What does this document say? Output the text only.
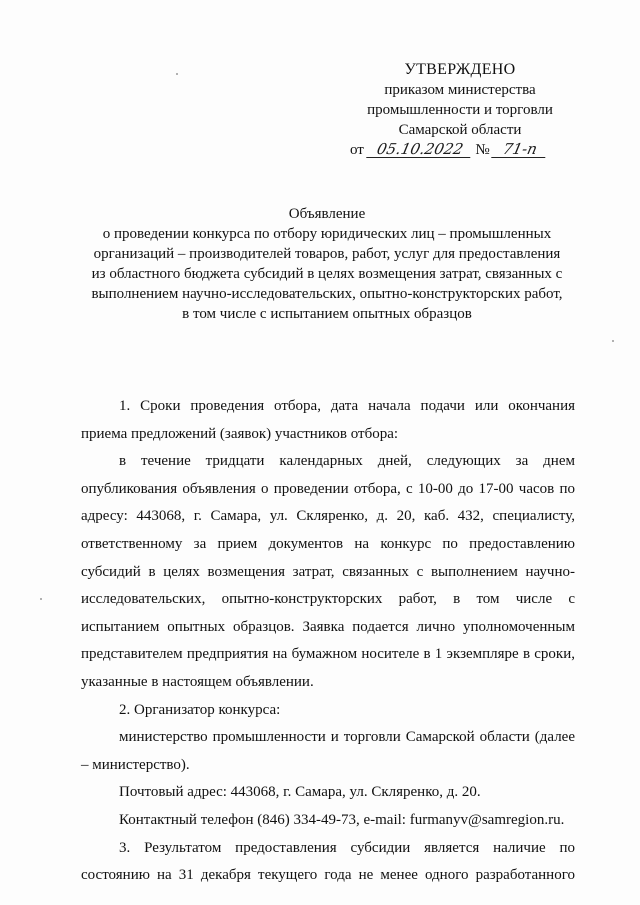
УТВЕРЖДЕНО
приказом министерства
промышленности и торговли
Самарской области
от 05.10.2022 № 71-п
Объявление
о проведении конкурса по отбору юридических лиц – промышленных
организаций – производителей товаров, работ, услуг для предоставления
из областного бюджета субсидий в целях возмещения затрат, связанных с
выполнением научно-исследовательских, опытно-конструкторских работ,
в том числе с испытанием опытных образцов

1. Сроки проведения отбора, дата начала подачи или окончания приема предложений (заявок) участников отбора:

в течение тридцати календарных дней, следующих за днем опубликования объявления о проведении отбора, с 10-00 до 17-00 часов по адресу: 443068, г. Самара, ул. Скляренко, д. 20, каб. 432, специалисту, ответственному за прием документов на конкурс по предоставлению субсидий в целях возмещения затрат, связанных с выполнением научно-исследовательских, опытно-конструкторских работ, в том числе с испытанием опытных образцов. Заявка подается лично уполномоченным представителем предприятия на бумажном носителе в 1 экземпляре в сроки, указанные в настоящем объявлении.

2. Организатор конкурса:

министерство промышленности и торговли Самарской области (далее – министерство).

Почтовый адрес: 443068, г. Самара, ул. Скляренко, д. 20.

Контактный телефон (846) 334-49-73, e-mail: furmanyv@samregion.ru.

3. Результатом предоставления субсидии является наличие по состоянию на 31 декабря текущего года не менее одного разработанного
